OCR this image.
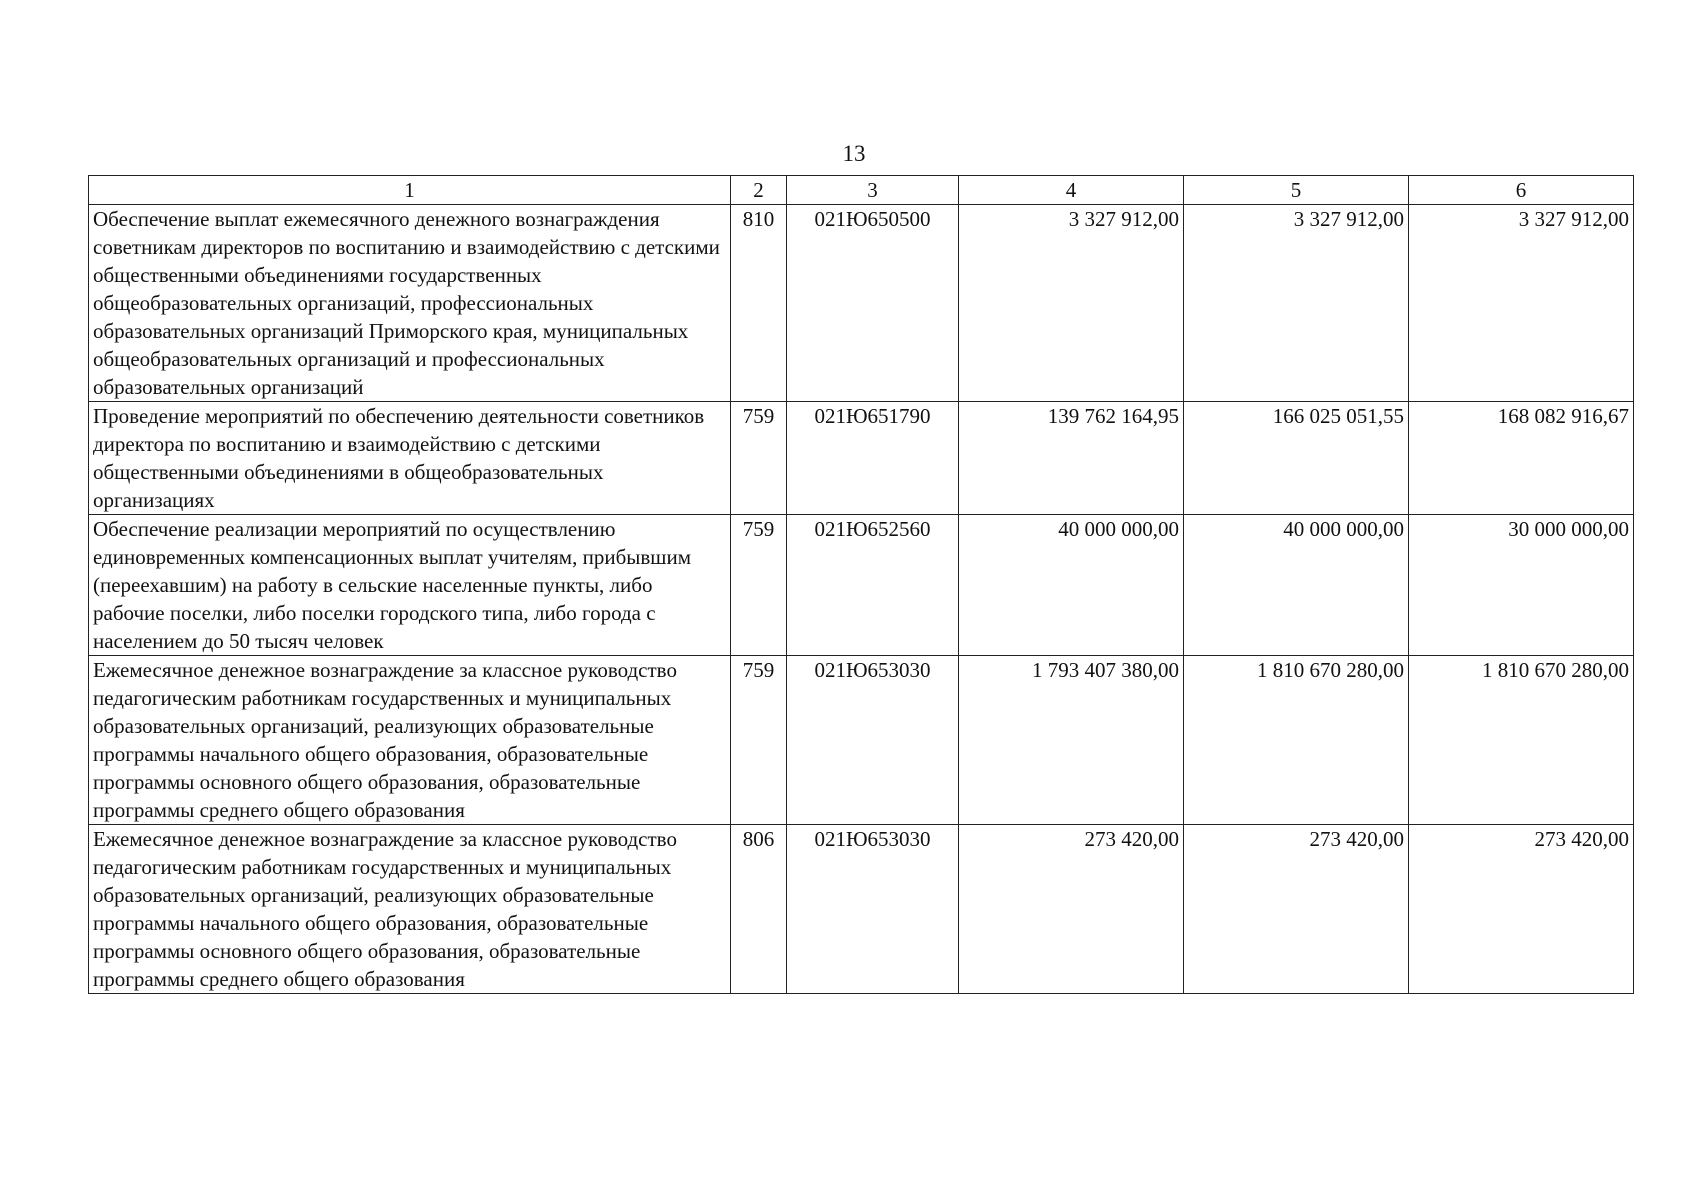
13
1	2	3	4	5	6
Обеспечение выплат ежемесячного денежного вознаграждения советникам директоров по воспитанию и взаимодействию с детскими общественными объединениями государственных общеобразовательных организаций, профессиональных образовательных организаций Приморского края, муниципальных общеобразовательных организаций и профессиональных образовательных организаций	810	021Ю650500	3 327 912,00	3 327 912,00	3 327 912,00

Проведение мероприятий по обеспечению деятельности советников директора по воспитанию и взаимодействию с детскими общественными объединениями в общеобразовательных организациях	759	021Ю651790	139 762 164,95	166 025 051,55	168 082 916,67

Обеспечение реализации мероприятий по осуществлению единовременных компенсационных выплат учителям, прибывшим (переехавшим) на работу в сельские населенные пункты, либо рабочие поселки, либо поселки городского типа, либо города с населением до 50 тысяч человек	759	021Ю652560	40 000 000,00	40 000 000,00	30 000 000,00

Ежемесячное денежное вознаграждение за классное руководство педагогическим работникам государственных и муниципальных образовательных организаций, реализующих образовательные программы начального общего образования, образовательные программы основного общего образования, образовательные программы среднего общего образования	759	021Ю653030	1 793 407 380,00	1 810 670 280,00	1 810 670 280,00

Ежемесячное денежное вознаграждение за классное руководство педагогическим работникам государственных и муниципальных образовательных организаций, реализующих образовательные программы начального общего образования, образовательные программы основного общего образования, образовательные программы среднего общего образования	806	021Ю653030	273 420,00	273 420,00	273 420,00
